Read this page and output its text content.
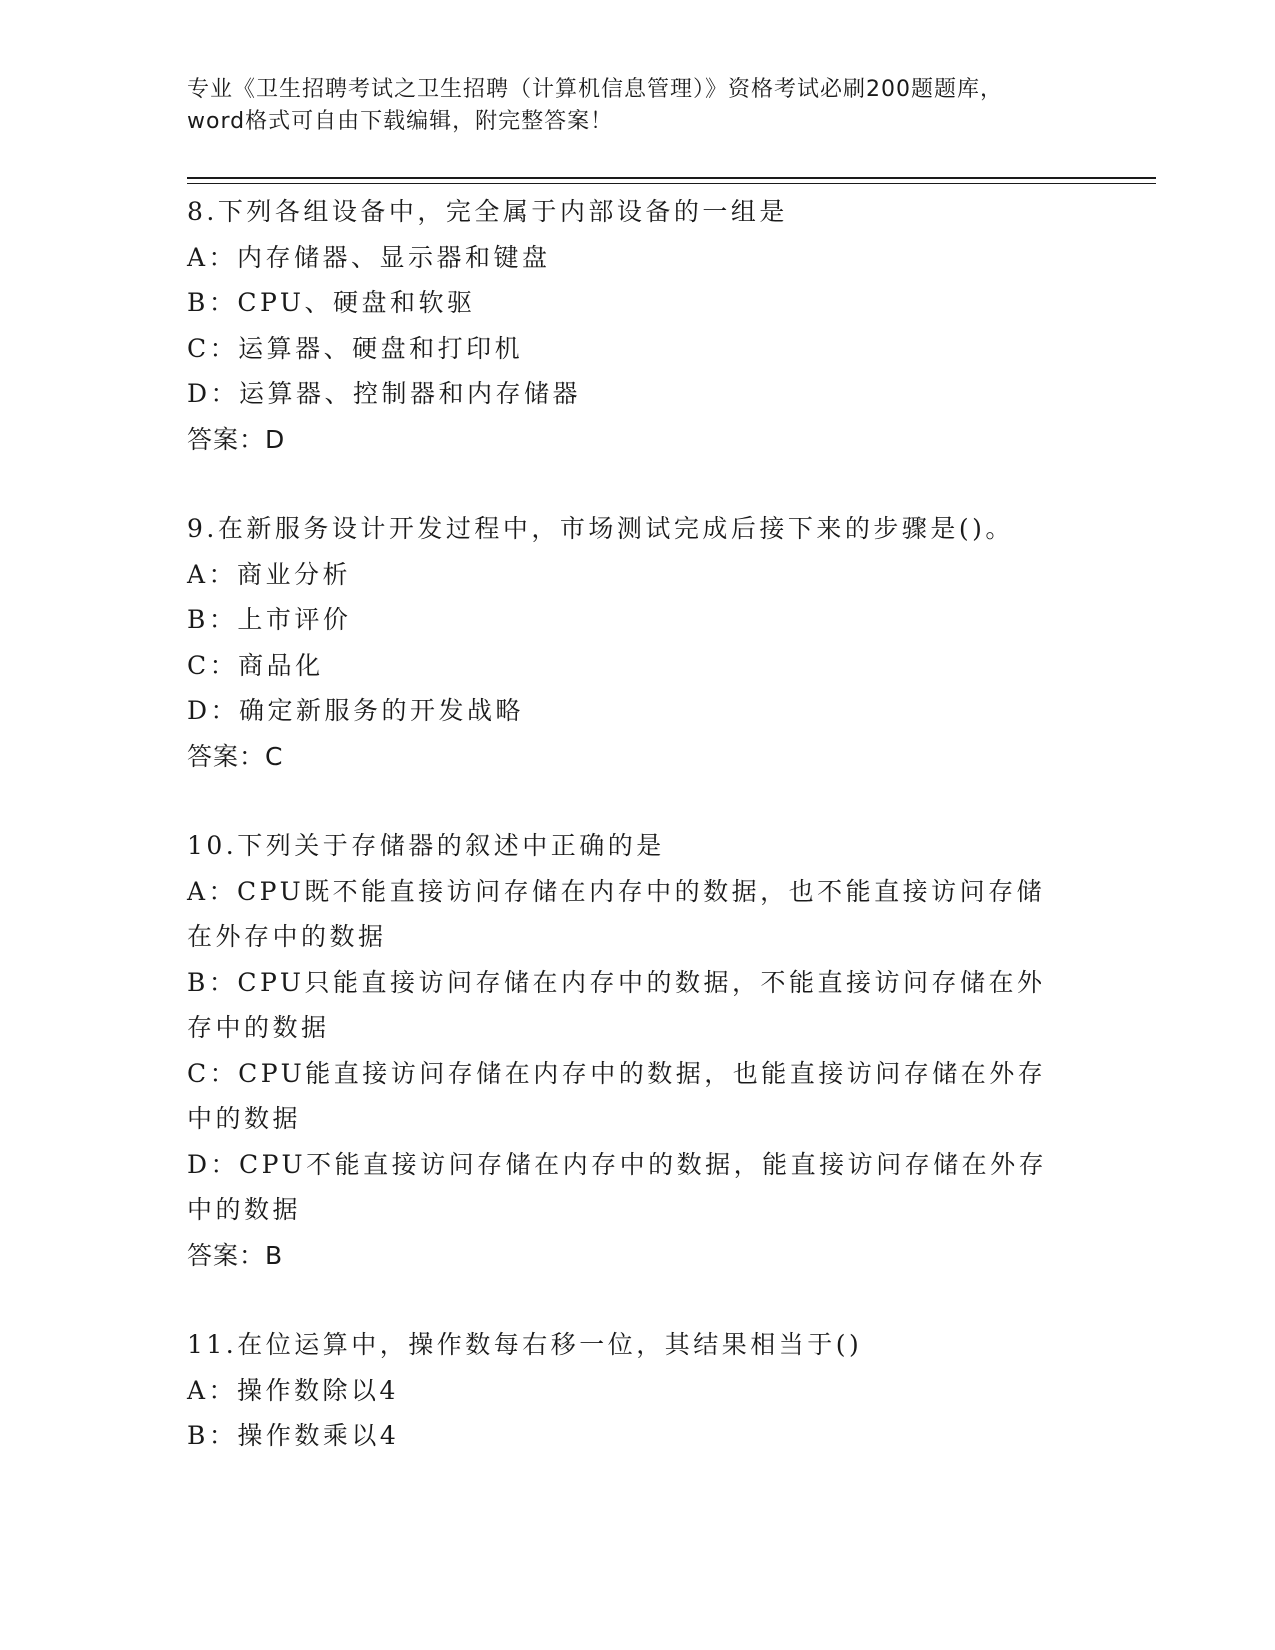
专业《卫生招聘考试之卫生招聘（计算机信息管理）》资格考试必刷200题题库，

word格式可自由下载编辑，附完整答案！

8.下列各组设备中，完全属于内部设备的一组是

A：内存储器、显示器和键盘

B：CPU、硬盘和软驱

C：运算器、硬盘和打印机

D：运算器、控制器和内存储器

答案：D

9.在新服务设计开发过程中，市场测试完成后接下来的步骤是()。

A：商业分析

B：上市评价

C：商品化

D：确定新服务的开发战略

答案：C

10.下列关于存储器的叙述中正确的是

A：CPU既不能直接访问存储在内存中的数据，也不能直接访问存储在外存中的数据

B：CPU只能直接访问存储在内存中的数据，不能直接访问存储在外存中的数据

C：CPU能直接访问存储在内存中的数据，也能直接访问存储在外存中的数据

D：CPU不能直接访问存储在内存中的数据，能直接访问存储在外存中的数据

答案：B

11.在位运算中，操作数每右移一位，其结果相当于()

A：操作数除以4

B：操作数乘以4
